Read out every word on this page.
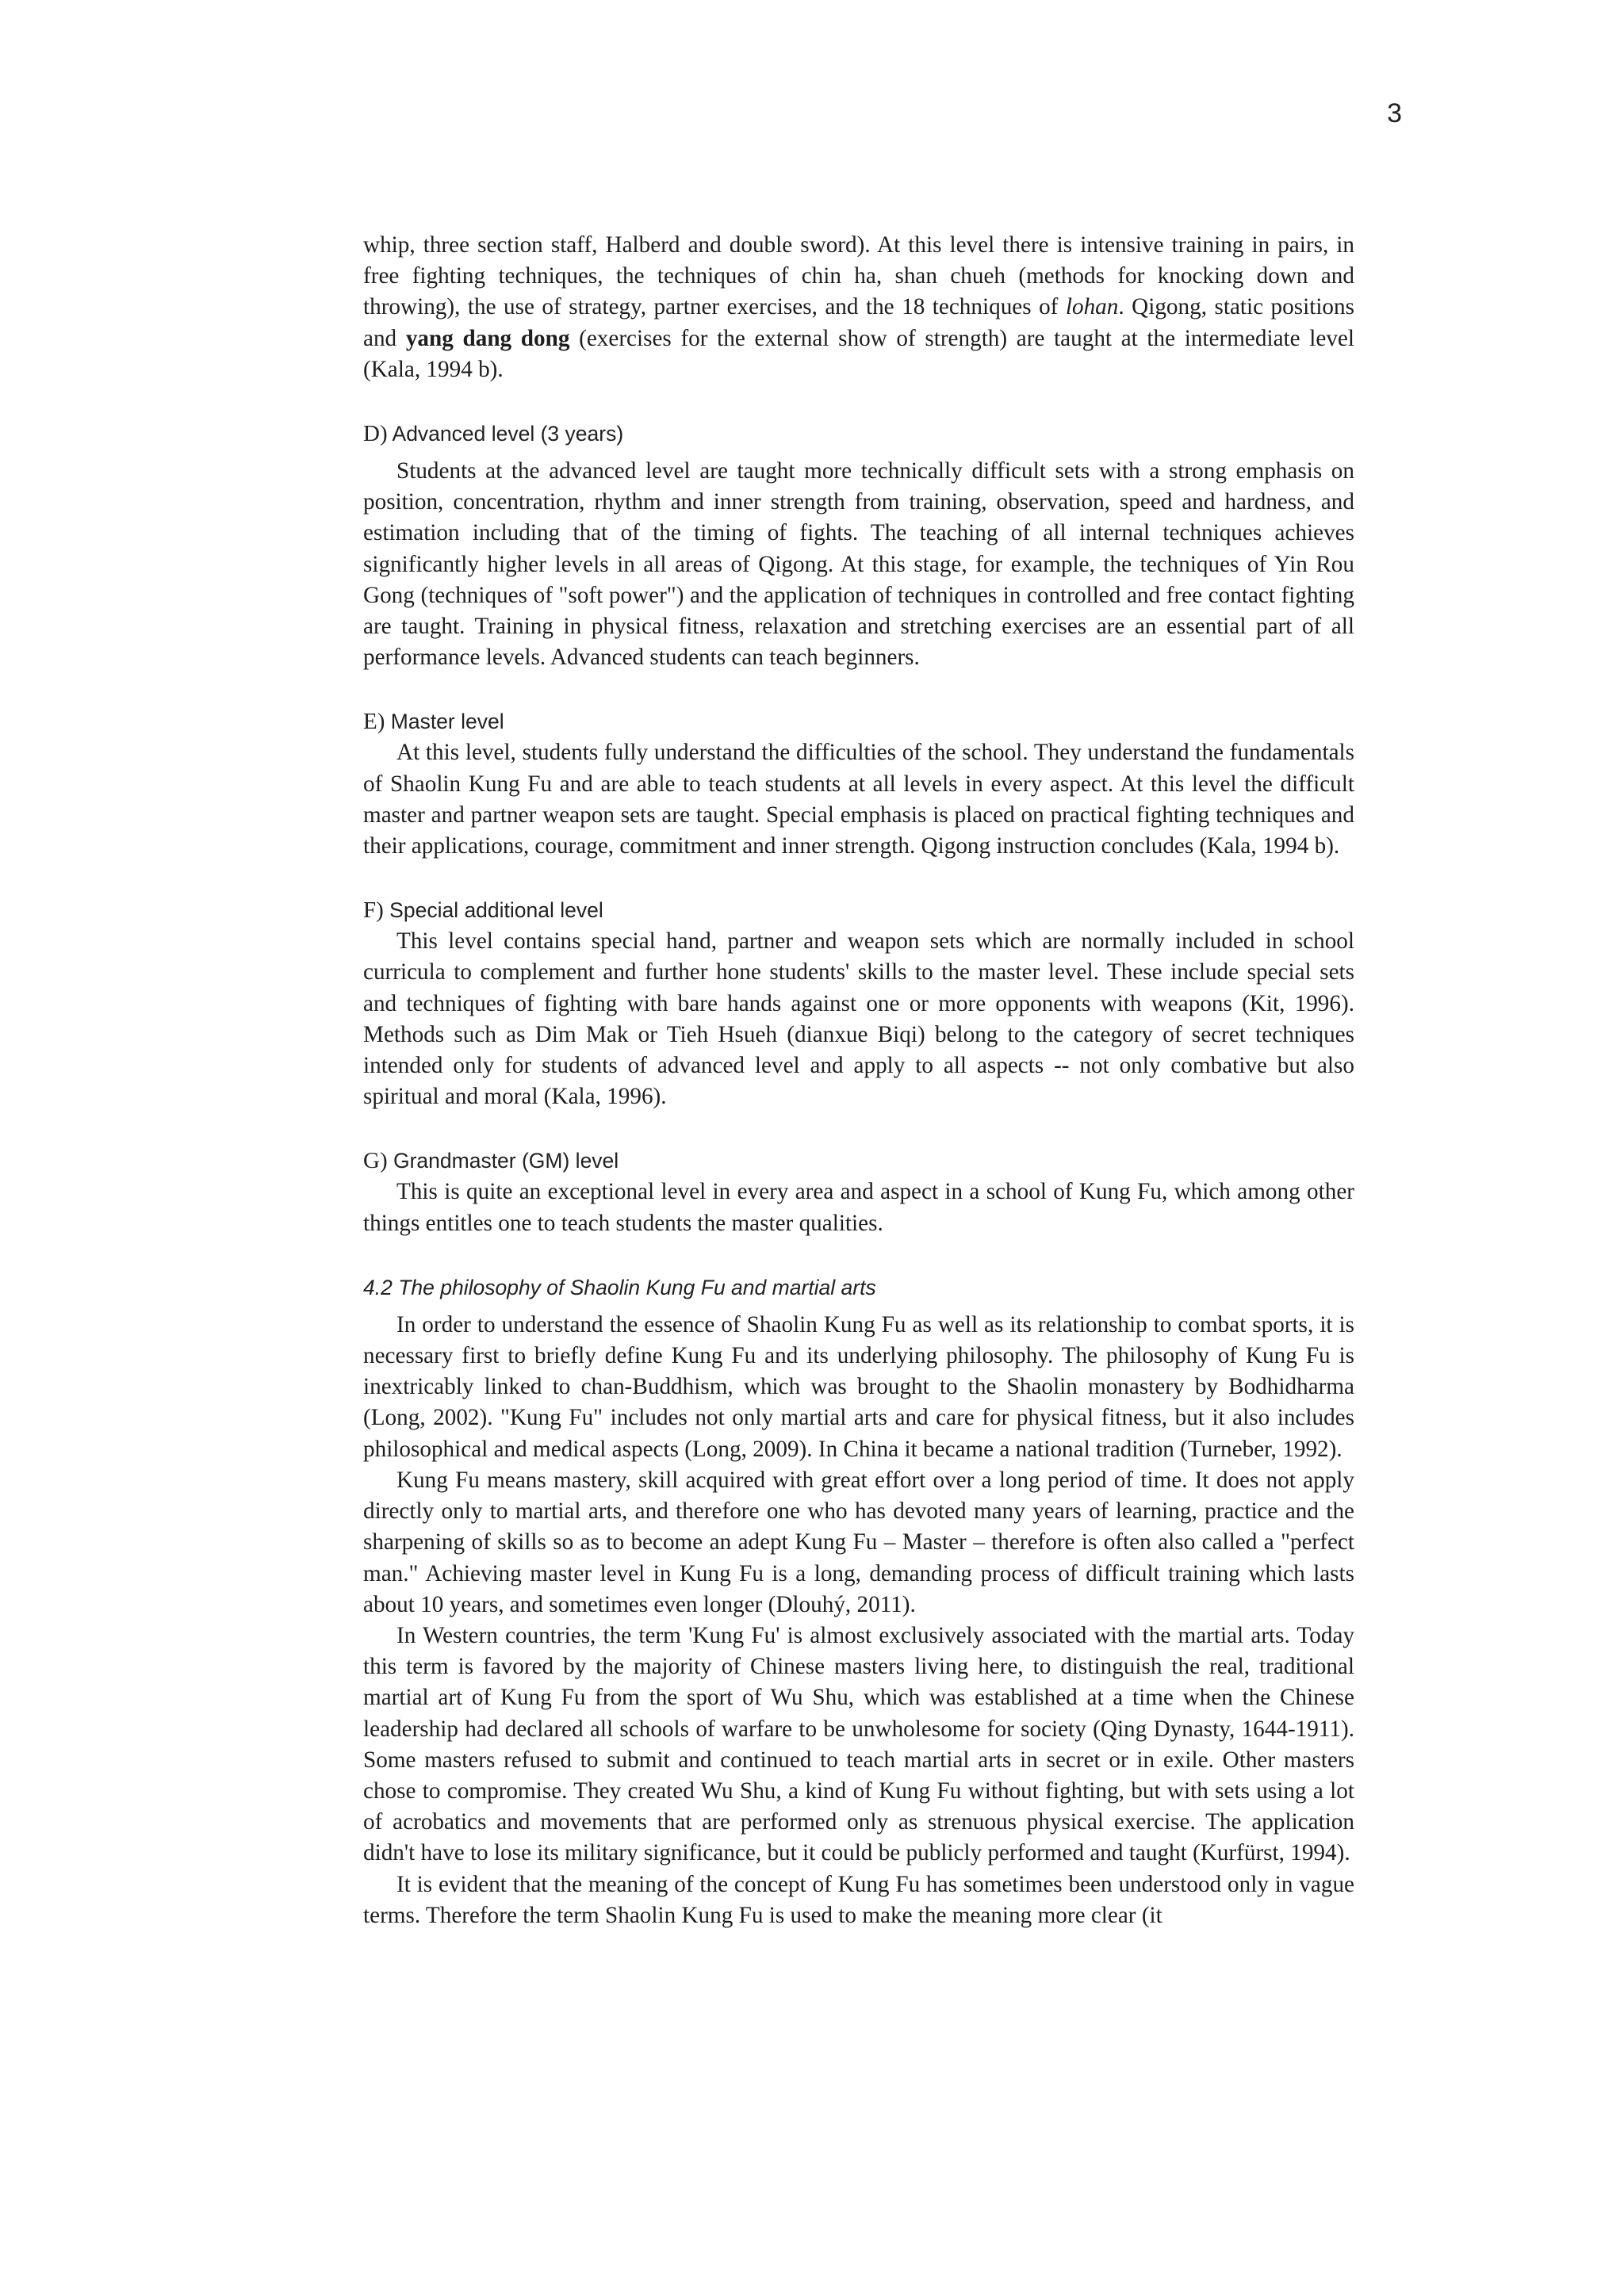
3

whip, three section staff, Halberd and double sword). At this level there is intensive training in pairs, in free fighting techniques, the techniques of chin ha, shan chueh (methods for knocking down and throwing), the use of strategy, partner exercises, and the 18 techniques of lohan. Qigong, static positions and yang dang dong (exercises for the external show of strength) are taught at the intermediate level (Kala, 1994 b).

D) Advanced level (3 years)

Students at the advanced level are taught more technically difficult sets with a strong emphasis on position, concentration, rhythm and inner strength from training, observation, speed and hardness, and estimation including that of the timing of fights. The teaching of all internal techniques achieves significantly higher levels in all areas of Qigong. At this stage, for example, the techniques of Yin Rou Gong (techniques of "soft power") and the application of techniques in controlled and free contact fighting are taught. Training in physical fitness, relaxation and stretching exercises are an essential part of all performance levels. Advanced students can teach beginners.

E) Master level

At this level, students fully understand the difficulties of the school. They understand the fundamentals of Shaolin Kung Fu and are able to teach students at all levels in every aspect. At this level the difficult master and partner weapon sets are taught. Special emphasis is placed on practical fighting techniques and their applications, courage, commitment and inner strength. Qigong instruction concludes (Kala, 1994 b).

F) Special additional level

This level contains special hand, partner and weapon sets which are normally included in school curricula to complement and further hone students' skills to the master level. These include special sets and techniques of fighting with bare hands against one or more opponents with weapons (Kit, 1996). Methods such as Dim Mak or Tieh Hsueh (dianxue Biqi) belong to the category of secret techniques intended only for students of advanced level and apply to all aspects -- not only combative but also spiritual and moral (Kala, 1996).

G) Grandmaster (GM) level

This is quite an exceptional level in every area and aspect in a school of Kung Fu, which among other things entitles one to teach students the master qualities.

4.2 The philosophy of Shaolin Kung Fu and martial arts

In order to understand the essence of Shaolin Kung Fu as well as its relationship to combat sports, it is necessary first to briefly define Kung Fu and its underlying philosophy. The philosophy of Kung Fu is inextricably linked to chan-Buddhism, which was brought to the Shaolin monastery by Bodhidharma (Long, 2002). "Kung Fu" includes not only martial arts and care for physical fitness, but it also includes philosophical and medical aspects (Long, 2009). In China it became a national tradition (Turneber, 1992).

Kung Fu means mastery, skill acquired with great effort over a long period of time. It does not apply directly only to martial arts, and therefore one who has devoted many years of learning, practice and the sharpening of skills so as to become an adept Kung Fu – Master – therefore is often also called a "perfect man." Achieving master level in Kung Fu is a long, demanding process of difficult training which lasts about 10 years, and sometimes even longer (Dlouhý, 2011).

In Western countries, the term 'Kung Fu' is almost exclusively associated with the martial arts. Today this term is favored by the majority of Chinese masters living here, to distinguish the real, traditional martial art of Kung Fu from the sport of Wu Shu, which was established at a time when the Chinese leadership had declared all schools of warfare to be unwholesome for society (Qing Dynasty, 1644-1911). Some masters refused to submit and continued to teach martial arts in secret or in exile. Other masters chose to compromise. They created Wu Shu, a kind of Kung Fu without fighting, but with sets using a lot of acrobatics and movements that are performed only as strenuous physical exercise. The application didn't have to lose its military significance, but it could be publicly performed and taught (Kurfürst, 1994).

It is evident that the meaning of the concept of Kung Fu has sometimes been understood only in vague terms. Therefore the term Shaolin Kung Fu is used to make the meaning more clear (it
